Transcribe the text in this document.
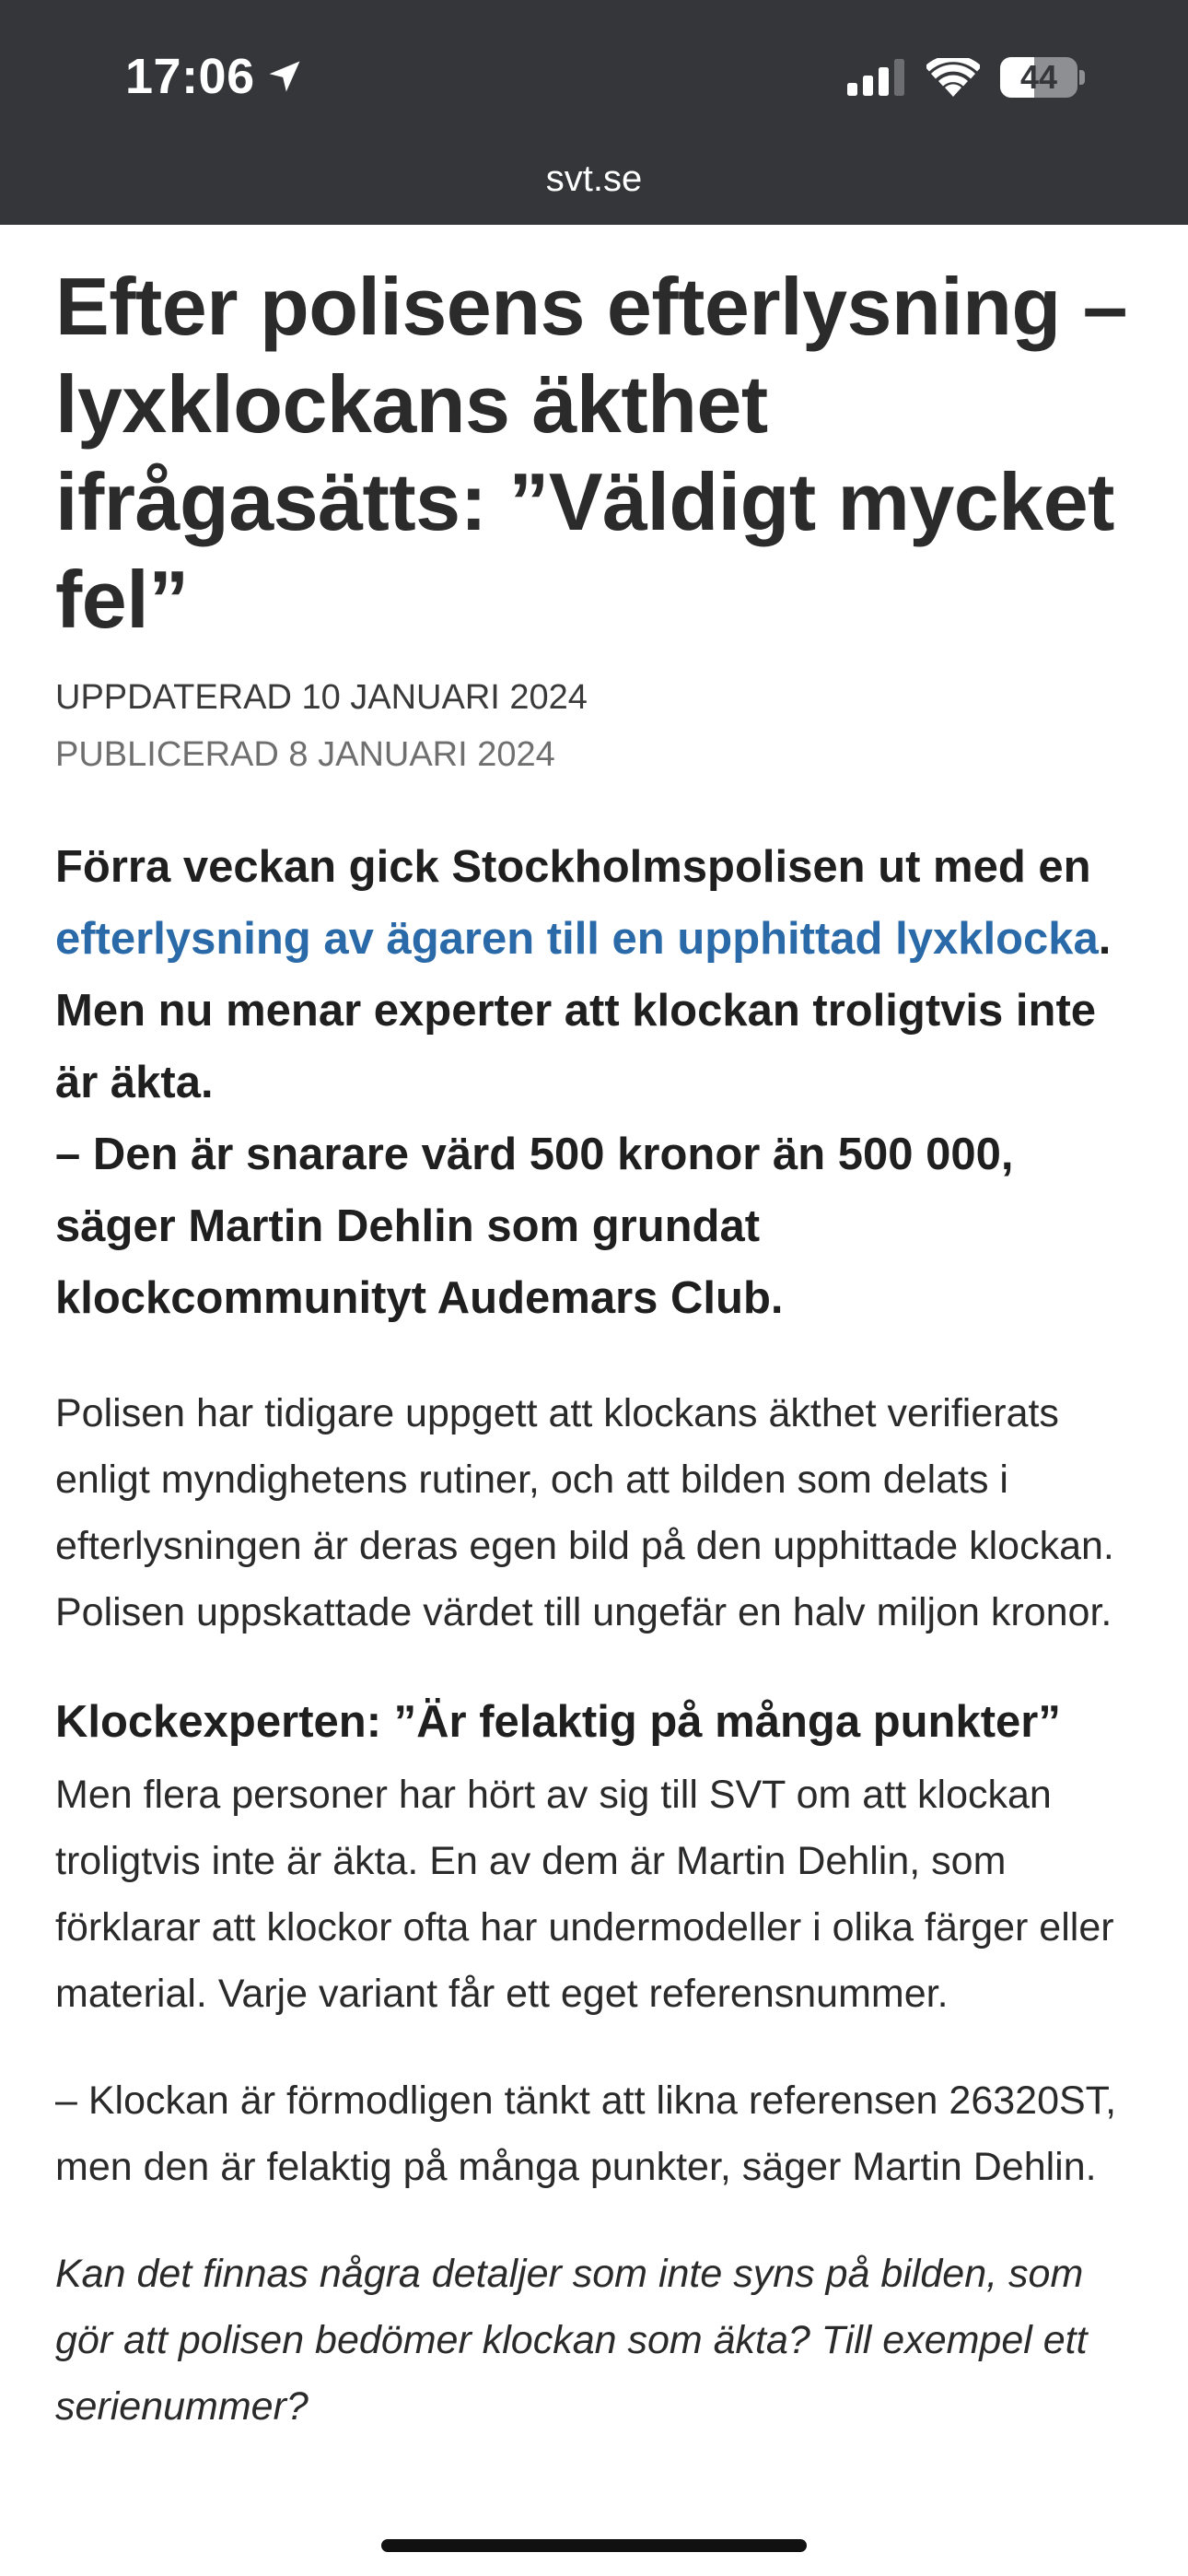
17:06	44
svt.se
Efter polisens efterlysning – lyxklockans äkthet ifrågasätts: ”Väldigt mycket fel”
UPPDATERAD 10 JANUARI 2024
PUBLICERAD 8 JANUARI 2024
Förra veckan gick Stockholmspolisen ut med en efterlysning av ägaren till en upphittad lyxklocka. Men nu menar experter att klockan troligtvis inte är äkta.
– Den är snarare värd 500 kronor än 500 000, säger Martin Dehlin som grundat klockcommunityt Audemars Club.

Polisen har tidigare uppgett att klockans äkthet verifierats enligt myndighetens rutiner, och att bilden som delats i efterlysningen är deras egen bild på den upphittade klockan. Polisen uppskattade värdet till ungefär en halv miljon kronor.

Klockexperten: ”Är felaktig på många punkter”

Men flera personer har hört av sig till SVT om att klockan troligtvis inte är äkta. En av dem är Martin Dehlin, som förklarar att klockor ofta har undermodeller i olika färger eller material. Varje variant får ett eget referensnummer.

– Klockan är förmodligen tänkt att likna referensen 26320ST, men den är felaktig på många punkter, säger Martin Dehlin.

Kan det finnas några detaljer som inte syns på bilden, som gör att polisen bedömer klockan som äkta? Till exempel ett serienummer?
